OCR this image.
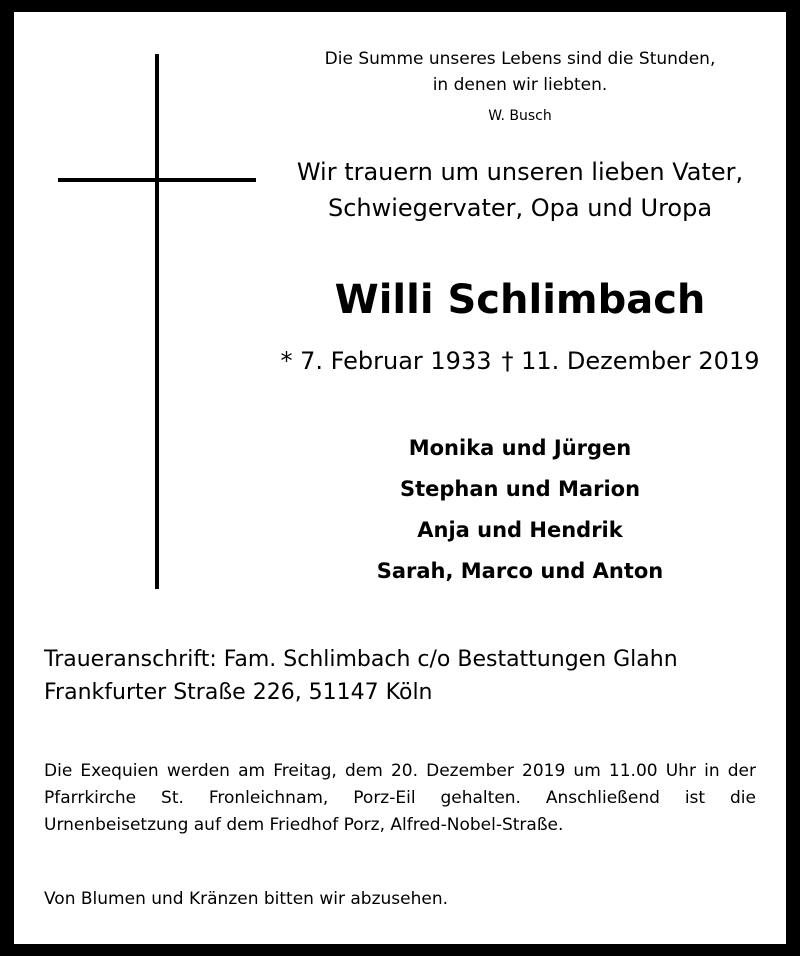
Die Summe unseres Lebens sind die Stunden,
in denen wir liebten.
W. Busch
Wir trauern um unseren lieben Vater,
Schwiegervater, Opa und Uropa
Willi Schlimbach
* 7. Februar 1933 † 11. Dezember 2019
Monika und Jürgen
Stephan und Marion
Anja und Hendrik
Sarah, Marco und Anton
Traueranschrift: Fam. Schlimbach c/o Bestattungen Glahn
Frankfurter Straße 226, 51147 Köln
Die Exequien werden am Freitag, dem 20. Dezember 2019 um 11.00 Uhr in der Pfarrkirche St. Fronleichnam, Porz-Eil gehalten. Anschließend ist die Urnenbeisetzung auf dem Friedhof Porz, Alfred-Nobel-Straße.
Von Blumen und Kränzen bitten wir abzusehen.
